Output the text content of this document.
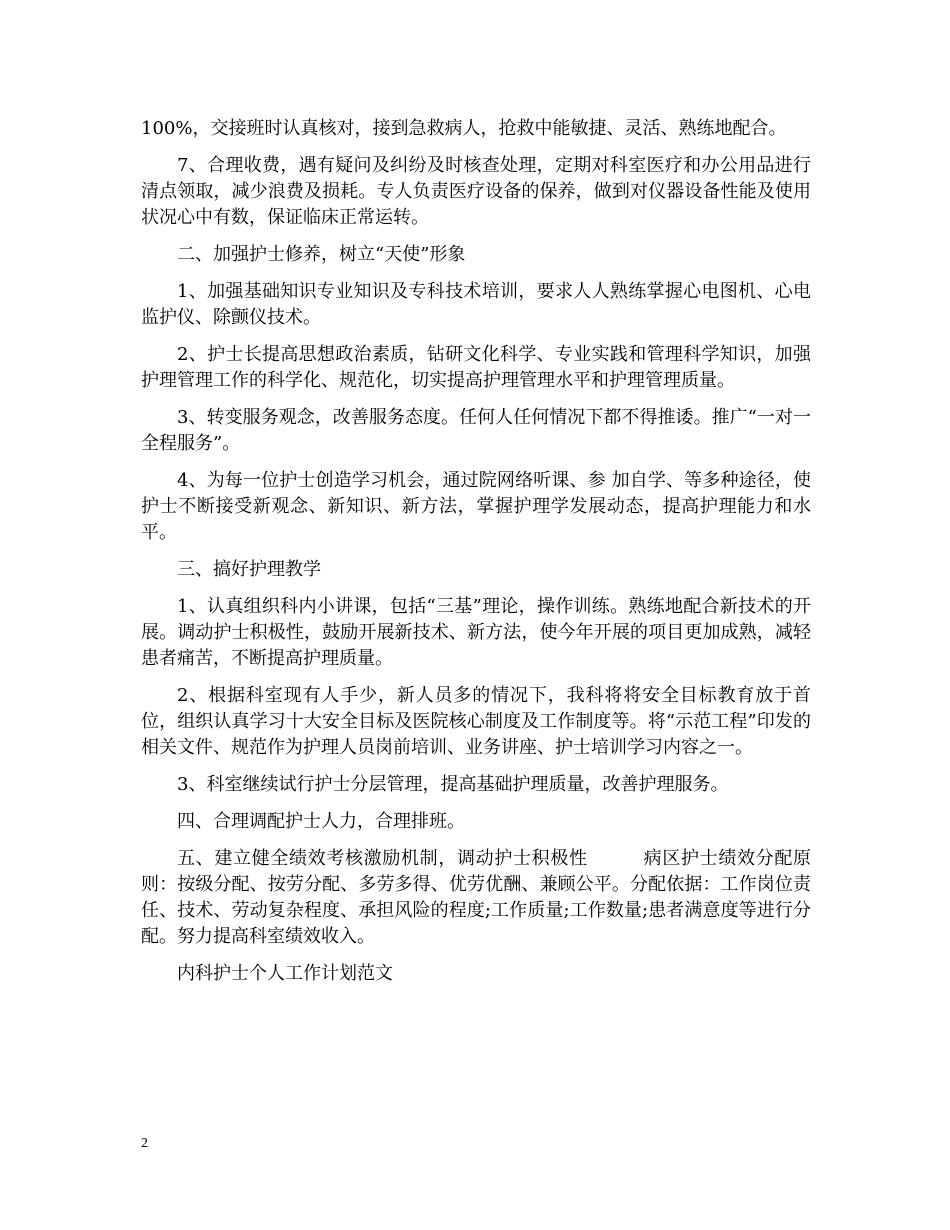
100%，交接班时认真核对，接到急救病人，抢救中能敏捷、灵活、熟练地配合。

7、合理收费，遇有疑问及纠纷及时核查处理，定期对科室医疗和办公用品进行清点领取，减少浪费及损耗。专人负责医疗设备的保养，做到对仪器设备性能及使用状况心中有数，保证临床正常运转。

二、加强护士修养，树立“天使”形象

1、加强基础知识专业知识及专科技术培训，要求人人熟练掌握心电图机、心电监护仪、除颤仪技术。

2、护士长提高思想政治素质，钻研文化科学、专业实践和管理科学知识，加强护理管理工作的科学化、规范化，切实提高护理管理水平和护理管理质量。

3、转变服务观念，改善服务态度。任何人任何情况下都不得推诿。推广“一对一全程服务”。

4、为每一位护士创造学习机会，通过院网络听课、参 加自学、等多种途径，使护士不断接受新观念、新知识、新方法，掌握护理学发展动态，提高护理能力和水平。

三、搞好护理教学

1、认真组织科内小讲课，包括“三基”理论，操作训练。熟练地配合新技术的开展。调动护士积极性，鼓励开展新技术、新方法，使今年开展的项目更加成熟，减轻患者痛苦，不断提高护理质量。

2、根据科室现有人手少，新人员多的情况下，我科将将安全目标教育放于首位，组织认真学习十大安全目标及医院核心制度及工作制度等。将“示范工程”印发的相关文件、规范作为护理人员岗前培训、业务讲座、护士培训学习内容之一。

3、科室继续试行护士分层管理，提高基础护理质量，改善护理服务。

四、合理调配护士人力，合理排班。

五、建立健全绩效考核激励机制，调动护士积极性　　　病区护士绩效分配原则：按级分配、按劳分配、多劳多得、优劳优酬、兼顾公平。分配依据：工作岗位责任、技术、劳动复杂程度、承担风险的程度;工作质量;工作数量;患者满意度等进行分配。努力提高科室绩效收入。

内科护士个人工作计划范文

2
